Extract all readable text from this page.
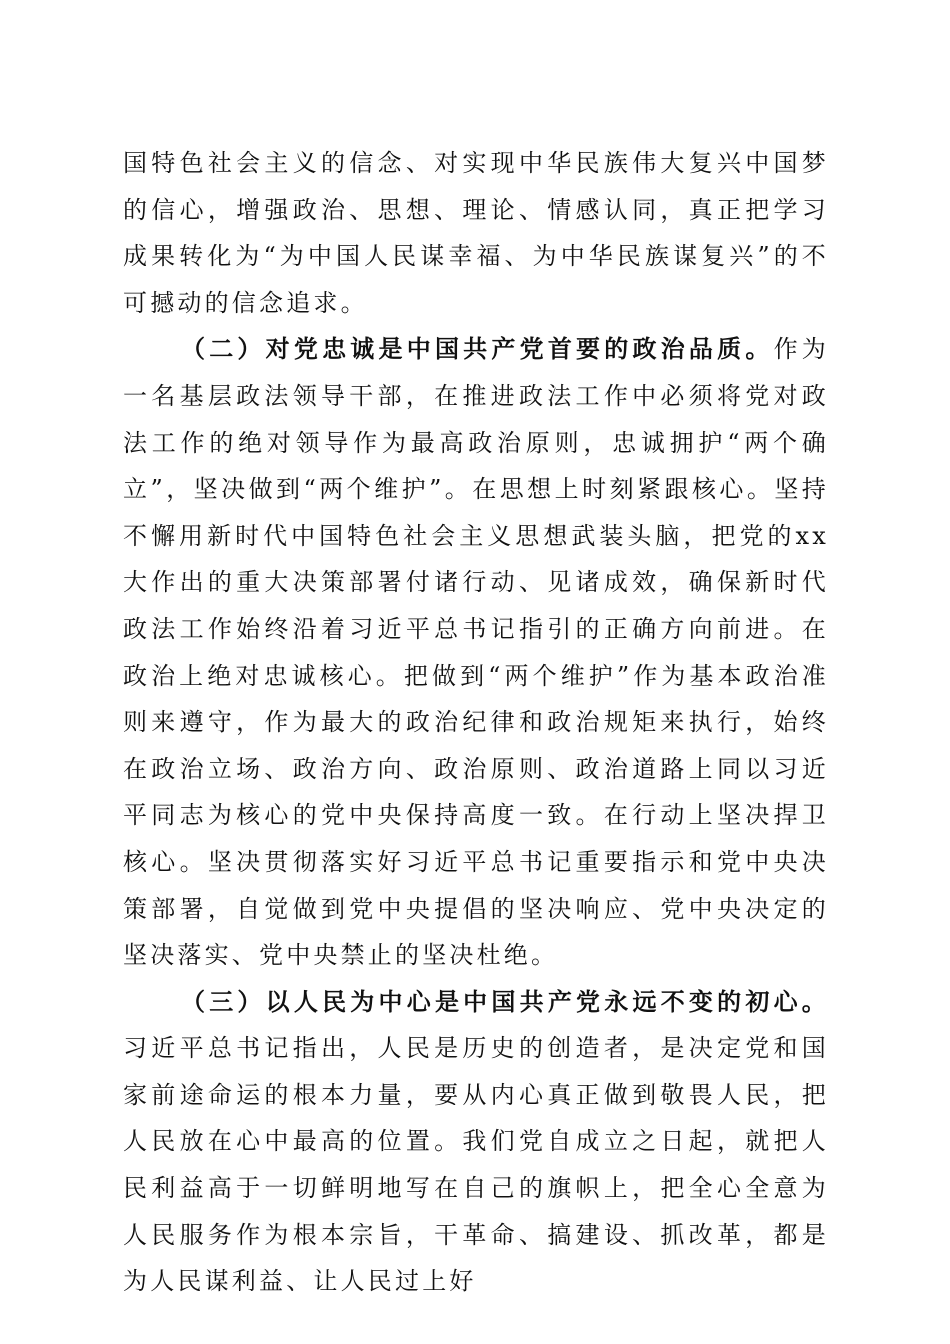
国特色社会主义的信念、对实现中华民族伟大复兴中国梦的信心，增强政治、思想、理论、情感认同，真正把学习成果转化为“为中国人民谋幸福、为中华民族谋复兴”的不可撼动的信念追求。

（二）对党忠诚是中国共产党首要的政治品质。作为一名基层政法领导干部，在推进政法工作中必须将党对政法工作的绝对领导作为最高政治原则，忠诚拥护“两个确立”，坚决做到“两个维护”。在思想上时刻紧跟核心。坚持不懈用新时代中国特色社会主义思想武装头脑，把党的xx大作出的重大决策部署付诸行动、见诸成效，确保新时代政法工作始终沿着习近平总书记指引的正确方向前进。在政治上绝对忠诚核心。把做到“两个维护”作为基本政治准则来遵守，作为最大的政治纪律和政治规矩来执行，始终在政治立场、政治方向、政治原则、政治道路上同以习近平同志为核心的党中央保持高度一致。在行动上坚决捍卫核心。坚决贯彻落实好习近平总书记重要指示和党中央决策部署，自觉做到党中央提倡的坚决响应、党中央决定的坚决落实、党中央禁止的坚决杜绝。

（三）以人民为中心是中国共产党永远不变的初心。习近平总书记指出，人民是历史的创造者，是决定党和国家前途命运的根本力量，要从内心真正做到敬畏人民，把人民放在心中最高的位置。我们党自成立之日起，就把人民利益高于一切鲜明地写在自己的旗帜上，把全心全意为人民服务作为根本宗旨，干革命、搞建设、抓改革，都是为人民谋利益、让人民过上好
